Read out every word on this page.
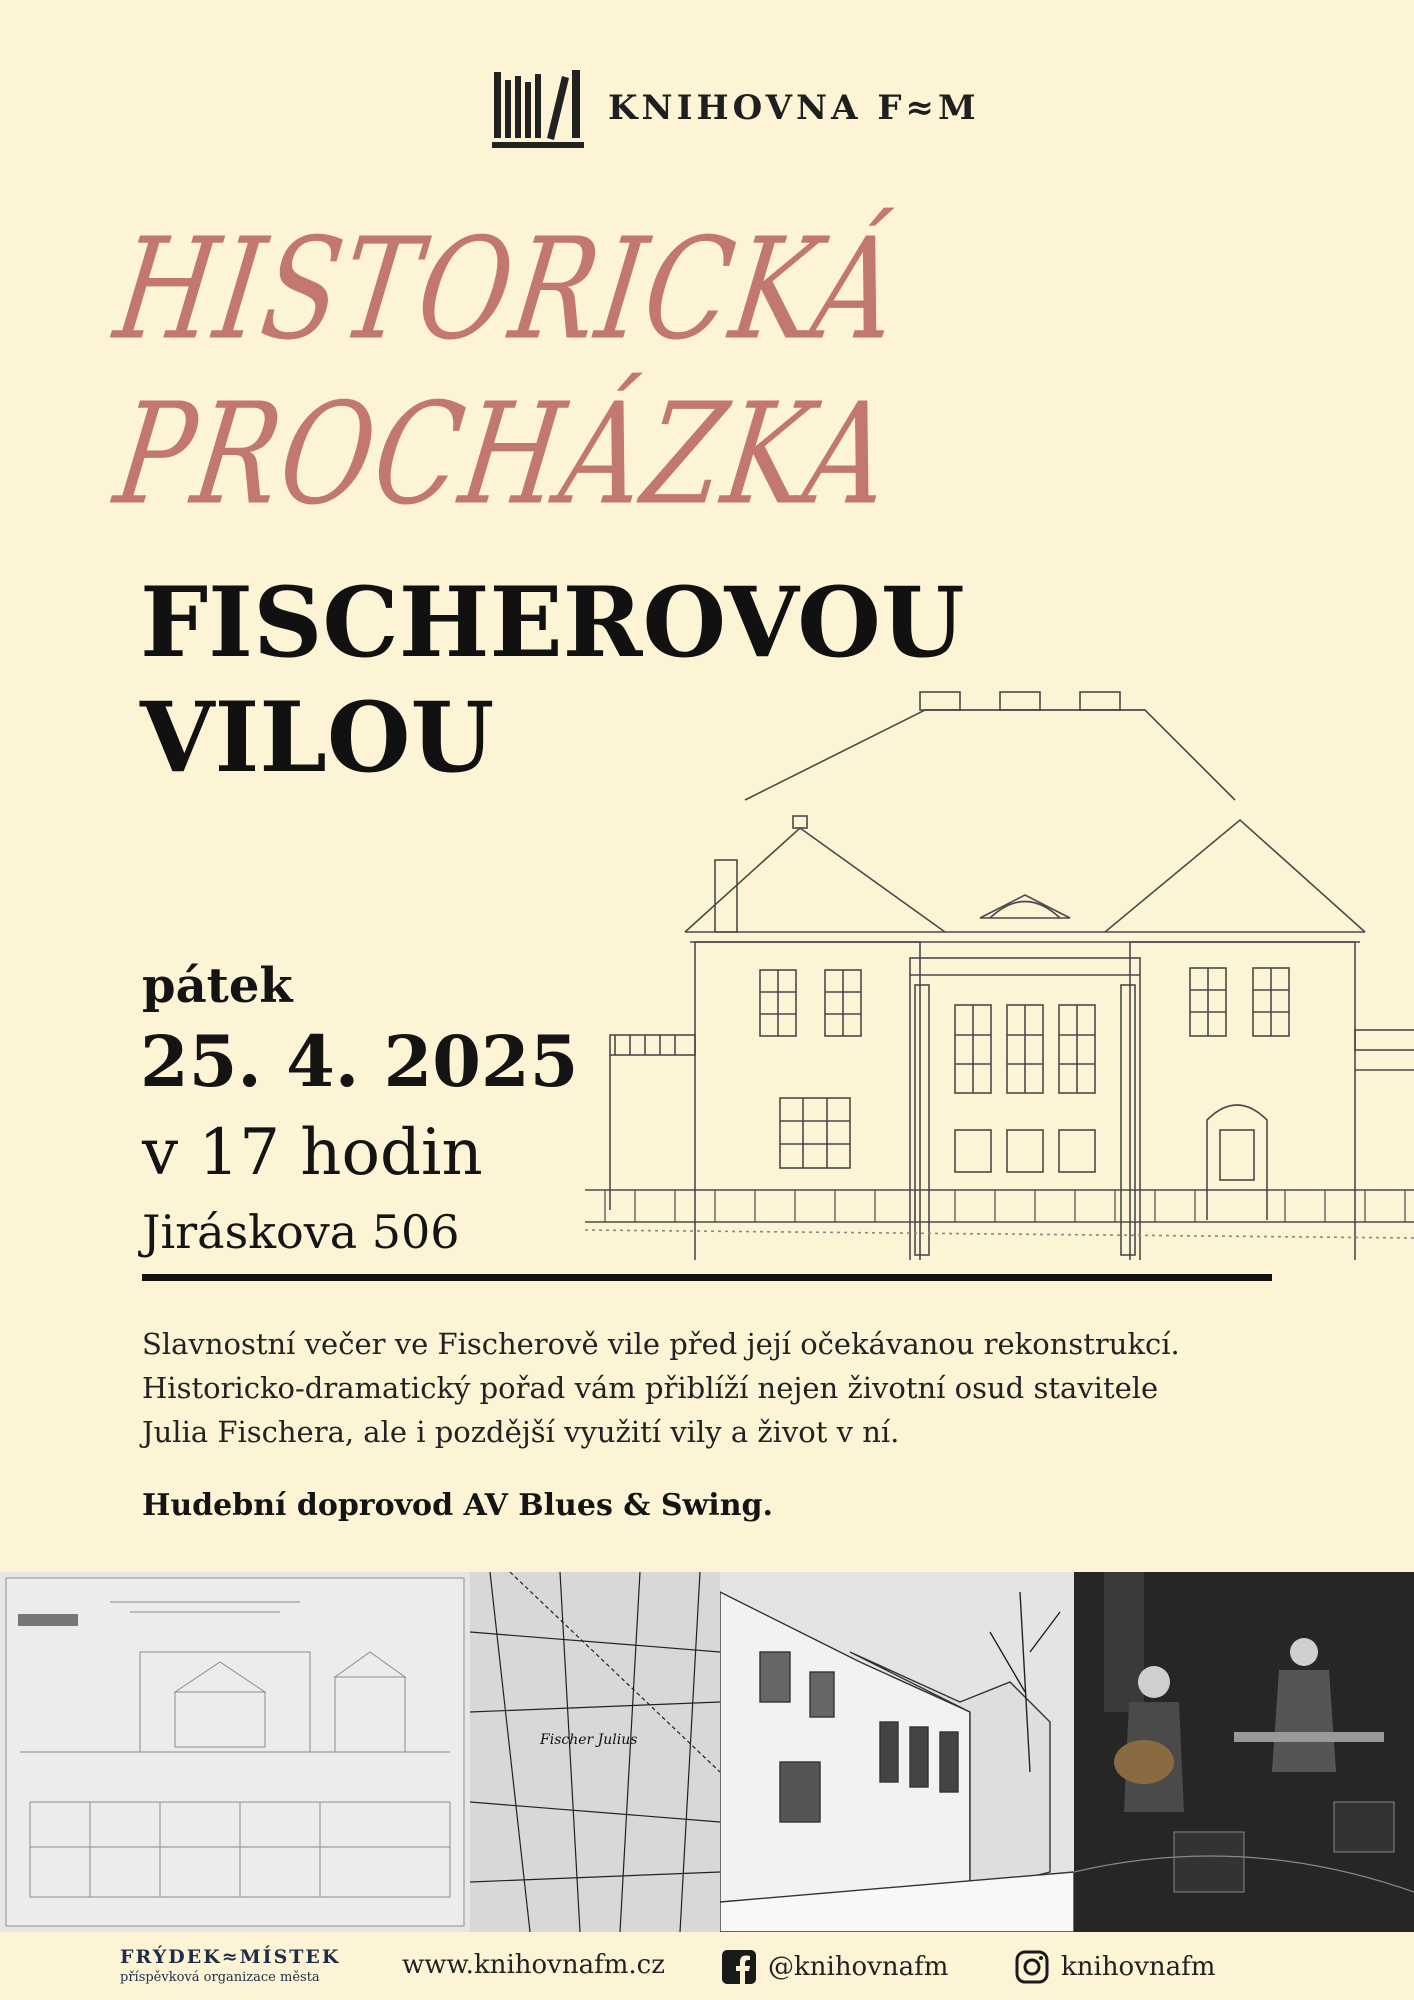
KNIHOVNA F≈M
HISTORICKÁ
PROCHÁZKA
FISCHEROVOU
VILOU
pátek
25. 4. 2025
v 17 hodin
Jiráskova 506

Slavnostní večer ve Fischerově vile před její očekávanou rekonstrukcí.

Historicko-dramatický pořad vám přiblíží nejen životní osud stavitele

Julia Fischera, ale i pozdější využití vily a život v ní.

Hudební doprovod AV Blues & Swing.
Fischer Julius
FRÝDEK≈MÍSTEK
příspěvková organizace města	www.knihovnafm.cz	@knihovnafm	knihovnafm
